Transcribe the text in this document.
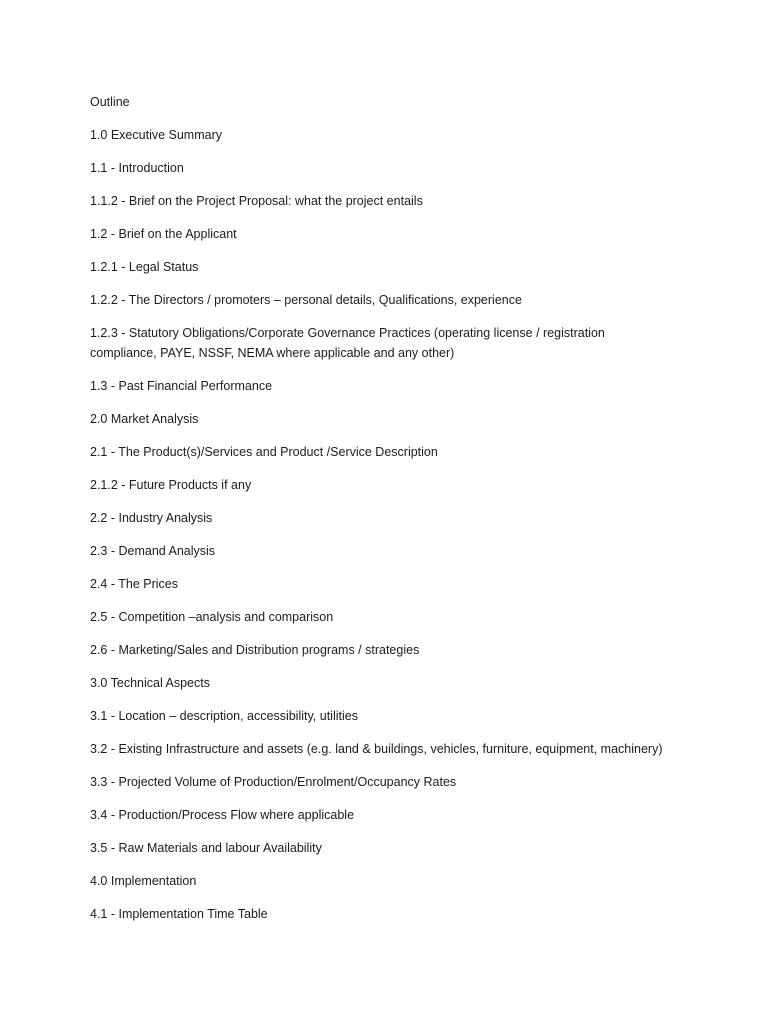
Outline

1.0 Executive Summary

1.1 - Introduction

1.1.2 - Brief on the Project Proposal: what the project entails

1.2 - Brief on the Applicant

1.2.1 - Legal Status

1.2.2 - The Directors / promoters – personal details, Qualifications, experience

1.2.3 - Statutory Obligations/Corporate Governance Practices (operating license / registration compliance, PAYE, NSSF, NEMA where applicable and any other)

1.3 - Past Financial Performance

2.0 Market Analysis

2.1 - The Product(s)/Services and Product /Service Description

2.1.2 - Future Products if any

2.2 - Industry Analysis

2.3 - Demand Analysis

2.4 - The Prices

2.5 - Competition –analysis and comparison

2.6 - Marketing/Sales and Distribution programs / strategies

3.0 Technical Aspects

3.1 - Location – description, accessibility, utilities

3.2 - Existing Infrastructure and assets (e.g. land & buildings, vehicles, furniture, equipment, machinery)

3.3 - Projected Volume of Production/Enrolment/Occupancy Rates

3.4 - Production/Process Flow where applicable

3.5 - Raw Materials and labour Availability

4.0 Implementation

4.1 - Implementation Time Table
